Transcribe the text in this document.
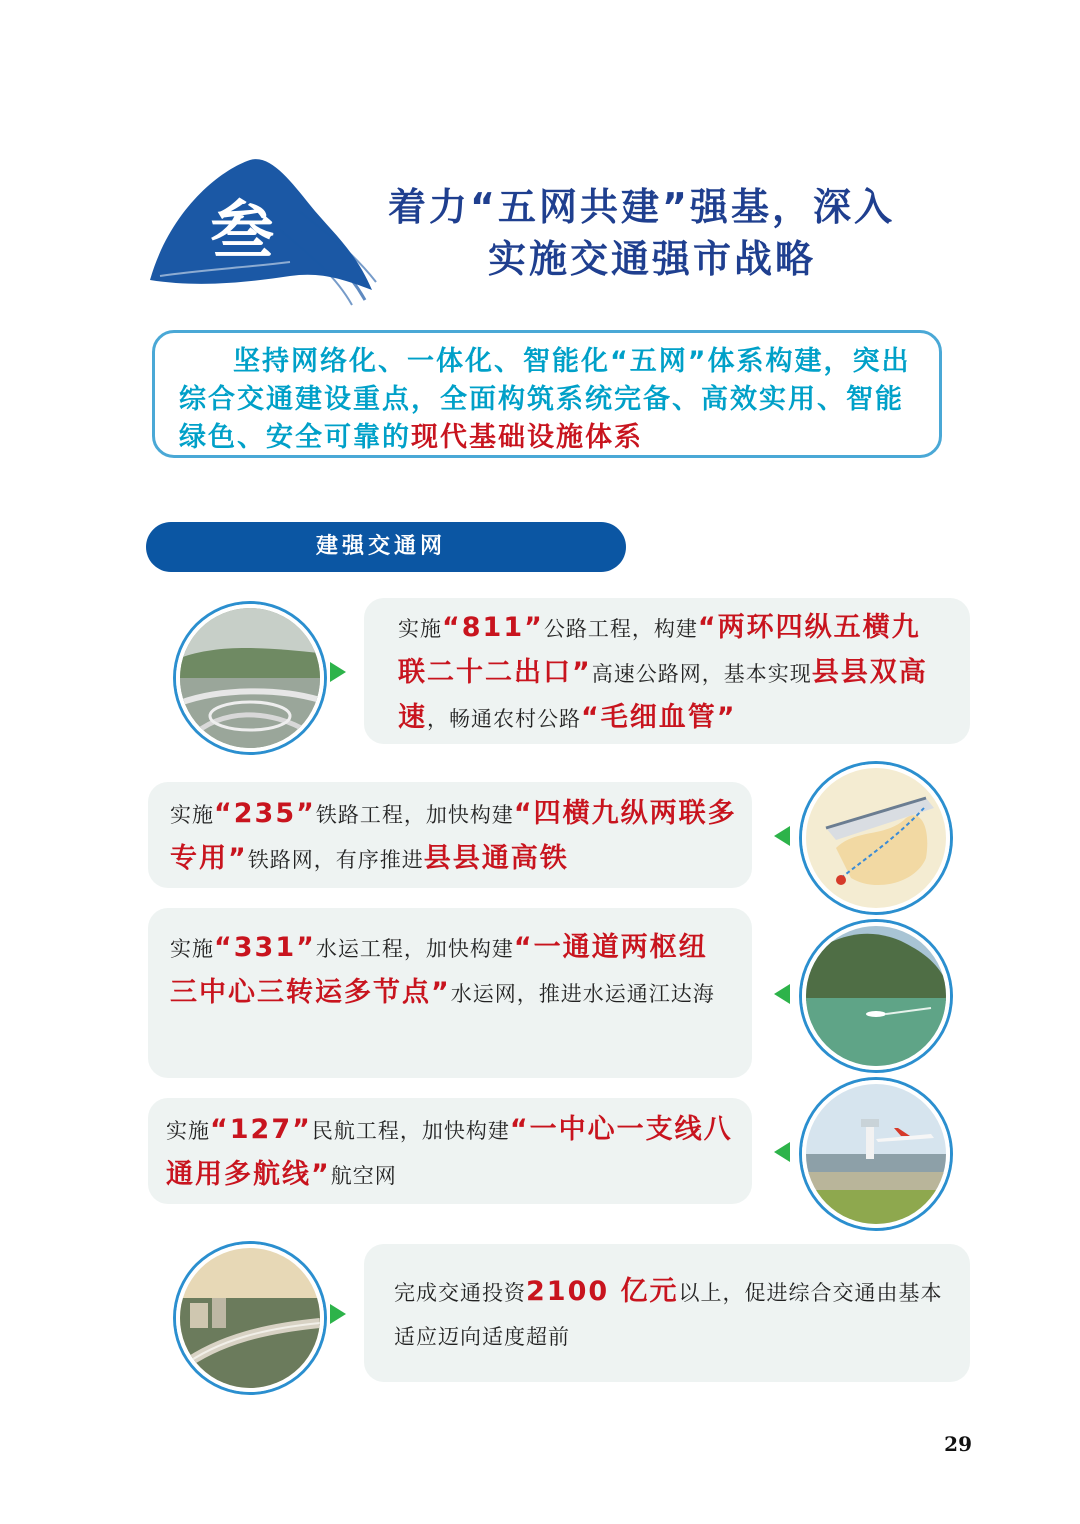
叁	着力“五网共建”强基，深入
实施交通强市战略
坚持网络化、一体化、智能化“五网”体系构建，突出综合交通建设重点，全面构筑系统完备、高效实用、智能绿色、安全可靠的现代基础设施体系
建强交通网
实施“811”公路工程，构建“两环四纵五横九联二十二出口”高速公路网，基本实现县县双高速，畅通农村公路“毛细血管”
实施“235”铁路工程，加快构建“四横九纵两联多专用”铁路网，有序推进县县通高铁
实施“331”水运工程，加快构建“一通道两枢纽三中心三转运多节点”水运网，推进水运通江达海
实施“127”民航工程，加快构建“一中心一支线八通用多航线”航空网
完成交通投资2100 亿元以上，促进综合交通由基本适应迈向适度超前
29
